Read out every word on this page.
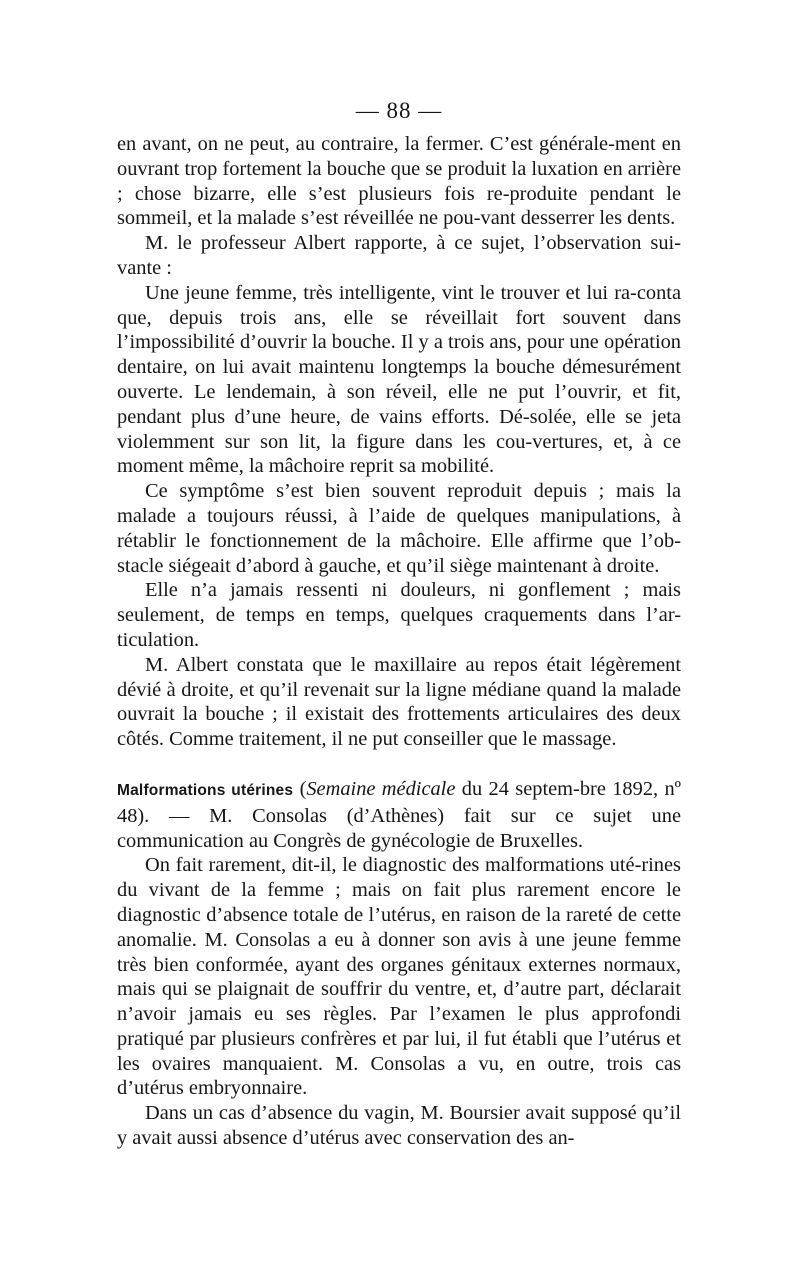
— 88 —

en avant, on ne peut, au contraire, la fermer. C’est générale-ment en ouvrant trop fortement la bouche que se produit la luxation en arrière ; chose bizarre, elle s’est plusieurs fois re-produite pendant le sommeil, et la malade s’est réveillée ne pou-vant desserrer les dents.

M. le professeur Albert rapporte, à ce sujet, l’observation sui-vante :

Une jeune femme, très intelligente, vint le trouver et lui ra-conta que, depuis trois ans, elle se réveillait fort souvent dans l’impossibilité d’ouvrir la bouche. Il y a trois ans, pour une opération dentaire, on lui avait maintenu longtemps la bouche démesurément ouverte. Le lendemain, à son réveil, elle ne put l’ouvrir, et fit, pendant plus d’une heure, de vains efforts. Dé-solée, elle se jeta violemment sur son lit, la figure dans les cou-vertures, et, à ce moment même, la mâchoire reprit sa mobilité.

Ce symptôme s’est bien souvent reproduit depuis ; mais la malade a toujours réussi, à l’aide de quelques manipulations, à rétablir le fonctionnement de la mâchoire. Elle affirme que l’ob-stacle siégeait d’abord à gauche, et qu’il siège maintenant à droite.

Elle n’a jamais ressenti ni douleurs, ni gonflement ; mais seulement, de temps en temps, quelques craquements dans l’ar-ticulation.

M. Albert constata que le maxillaire au repos était légèrement dévié à droite, et qu’il revenait sur la ligne médiane quand la malade ouvrait la bouche ; il existait des frottements articulaires des deux côtés. Comme traitement, il ne put conseiller que le massage.

Malformations utérines (Semaine médicale du 24 septem-bre 1892, nº 48). — M. Consolas (d’Athènes) fait sur ce sujet une communication au Congrès de gynécologie de Bruxelles.

On fait rarement, dit-il, le diagnostic des malformations uté-rines du vivant de la femme ; mais on fait plus rarement encore le diagnostic d’absence totale de l’utérus, en raison de la rareté de cette anomalie. M. Consolas a eu à donner son avis à une jeune femme très bien conformée, ayant des organes génitaux externes normaux, mais qui se plaignait de souffrir du ventre, et, d’autre part, déclarait n’avoir jamais eu ses règles. Par l’examen le plus approfondi pratiqué par plusieurs confrères et par lui, il fut établi que l’utérus et les ovaires manquaient. M. Consolas a vu, en outre, trois cas d’utérus embryonnaire.

Dans un cas d’absence du vagin, M. Boursier avait supposé qu’il y avait aussi absence d’utérus avec conservation des an-
